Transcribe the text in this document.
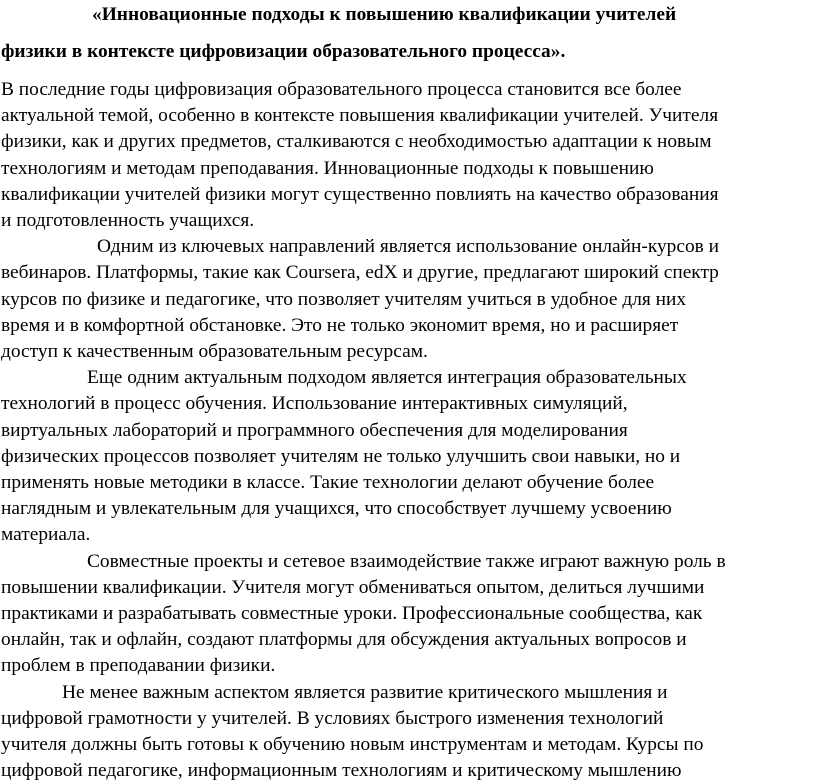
«Инновационные подходы к повышению квалификации учителей
физики в контексте цифровизации образовательного процесса».

В последние годы цифровизация образовательного процесса становится все более
актуальной темой, особенно в контексте повышения квалификации учителей. Учителя
физики, как и других предметов, сталкиваются с необходимостью адаптации к новым
технологиям и методам преподавания. Инновационные подходы к повышению
квалификации учителей физики могут существенно повлиять на качество образования
и подготовленность учащихся.

Одним из ключевых направлений является использование онлайн-курсов и
вебинаров. Платформы, такие как Coursera, edX и другие, предлагают широкий спектр
курсов по физике и педагогике, что позволяет учителям учиться в удобное для них
время и в комфортной обстановке. Это не только экономит время, но и расширяет
доступ к качественным образовательным ресурсам.

Еще одним актуальным подходом является интеграция образовательных
технологий в процесс обучения. Использование интерактивных симуляций,
виртуальных лабораторий и программного обеспечения для моделирования
физических процессов позволяет учителям не только улучшить свои навыки, но и
применять новые методики в классе. Такие технологии делают обучение более
наглядным и увлекательным для учащихся, что способствует лучшему усвоению
материала.

Совместные проекты и сетевое взаимодействие также играют важную роль в
повышении квалификации. Учителя могут обмениваться опытом, делиться лучшими
практиками и разрабатывать совместные уроки. Профессиональные сообщества, как
онлайн, так и офлайн, создают платформы для обсуждения актуальных вопросов и
проблем в преподавании физики.

Не менее важным аспектом является развитие критического мышления и
цифровой грамотности у учителей. В условиях быстрого изменения технологий
учителя должны быть готовы к обучению новым инструментам и методам. Курсы по
цифровой педагогике, информационным технологиям и критическому мышлению
